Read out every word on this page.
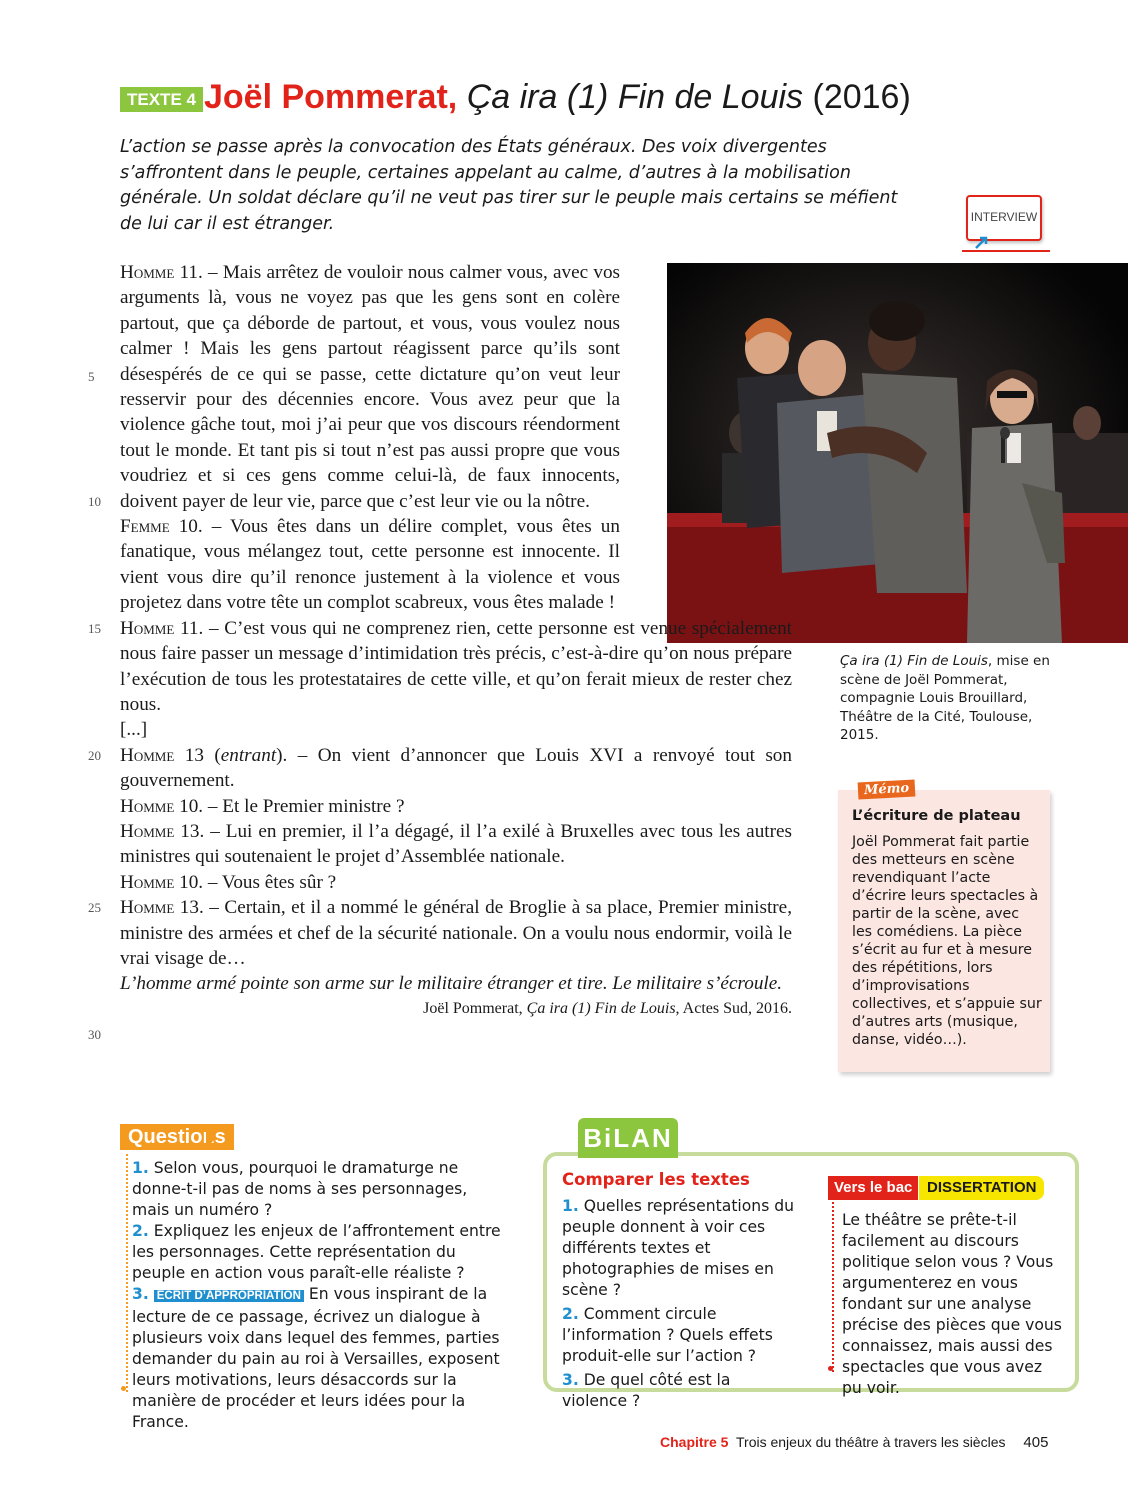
TEXTE 4 Joël Pommerat, Ça ira (1) Fin de Louis (2016)
L’action se passe après la convocation des États généraux. Des voix divergentes s’affrontent dans le peuple, certaines appelant au calme, d’autres à la mobilisation générale. Un soldat déclare qu’il ne veut pas tirer sur le peuple mais certains se méfient de lui car il est étranger.	INTERVIEW
Ça ira (1) Fin de Louis, mise en scène de Joël Pommerat, compagnie Louis Brouillard, Théâtre de la Cité, Toulouse, 2015.

Homme 11. – Mais arrêtez de vouloir nous calmer vous, avec vos arguments là, vous ne voyez pas que les gens sont en colère partout, que ça déborde de partout, et vous, vous voulez nous calmer ! Mais les gens partout réagissent parce qu’ils sont désespérés de ce qui se passe, cette dictature qu’on veut leur resservir pour des décennies encore. Vous avez peur que la violence gâche tout, moi j’ai peur que vos discours réendorment tout le monde. Et tant pis si tout n’est pas aussi propre que vous voudriez et si ces gens comme celui-là, de faux innocents, doivent payer de leur vie, parce que c’est leur vie ou la nôtre.

Femme 10. – Vous êtes dans un délire complet, vous êtes un fanatique, vous mélangez tout, cette personne est innocente. Il vient vous dire qu’il renonce justement à la violence et vous projetez dans votre tête un complot scabreux, vous êtes malade !

Homme 11. – C’est vous qui ne comprenez rien, cette personne est venue spécialement nous faire passer un message d’intimidation très précis, c’est-à-dire qu’on nous prépare l’exécution de tous les protestataires de cette ville, et qu’on ferait mieux de rester chez nous.

[...]

Homme 13 (entrant). – On vient d’annoncer que Louis XVI a renvoyé tout son gouvernement.

Homme 10. – Et le Premier ministre ?

Homme 13. – Lui en premier, il l’a dégagé, il l’a exilé à Bruxelles avec tous les autres ministres qui soutenaient le projet d’Assemblée nationale.

Homme 10. – Vous êtes sûr ?

Homme 13. – Certain, et il a nommé le général de Broglie à sa place, Premier ministre, ministre des armées et chef de la sécurité nationale. On a voulu nous endormir, voilà le vrai visage de…

L’homme armé pointe son arme sur le militaire étranger et tire. Le militaire s’écroule.

Joël Pommerat, Ça ira (1) Fin de Louis, Actes Sud, 2016.

5
10
15
20
25
30
Mémo
L’écriture de plateau
Joël Pommerat fait partie des metteurs en scène revendiquant l’acte d’écrire leurs spectacles à partir de la scène, avec les comédiens. La pièce s’écrit au fur et à mesure des répétitions, lors d’improvisations collectives, et s’appuie sur d’autres arts (musique, danse, vidéo…).
Questions

1. Selon vous, pourquoi le dramaturge ne donne-t-il pas de noms à ses personnages, mais un numéro ?

2. Expliquez les enjeux de l’affrontement entre les personnages. Cette représentation du peuple en action vous paraît-elle réaliste ?

3. ÉCRIT D’APPROPRIATION En vous inspirant de la lecture de ce passage, écrivez un dialogue à plusieurs voix dans lequel des femmes, parties demander du pain au roi à Versailles, exposent leurs motivations, leurs désaccords sur la manière de procéder et leurs idées pour la France.

BiLAN
Comparer les textes

1. Quelles représentations du peuple donnent à voir ces différents textes et photographies de mises en scène ?

2. Comment circule l’information ? Quels effets produit-elle sur l’action ?

3. De quel côté est la violence ?

Vers le bac DISSERTATION
Le théâtre se prête-t-il facilement au discours politique selon vous ? Vous argumenterez en vous fondant sur une analyse précise des pièces que vous connaissez, mais aussi des spectacles que vous avez pu voir.
Chapitre 5 Trois enjeux du théâtre à travers les siècles 405
